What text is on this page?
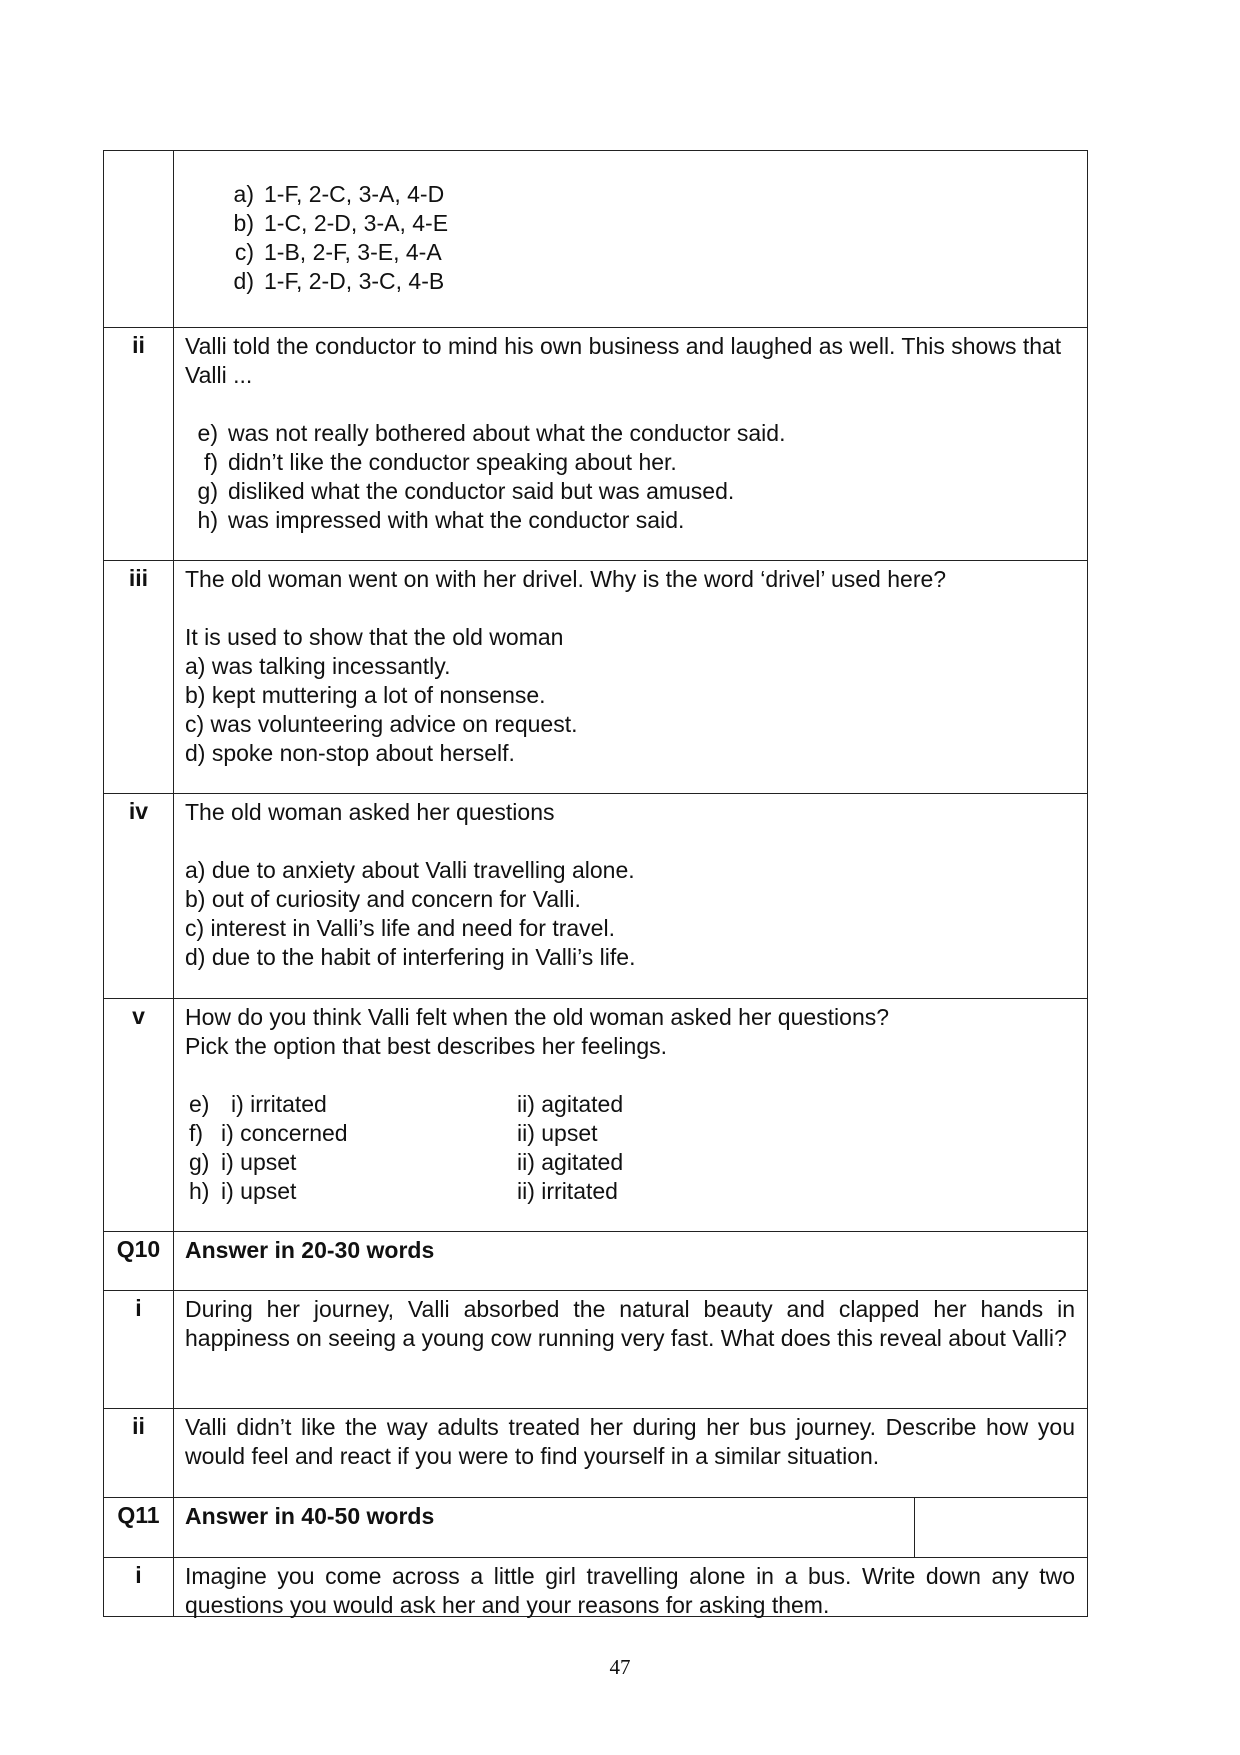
a) 1-F, 2-C, 3-A, 4-D
b) 1-C, 2-D, 3-A, 4-E
c) 1-B, 2-F, 3-E, 4-A
d) 1-F, 2-D, 3-C, 4-B
ii	Valli told the conductor to mind his own business and laughed as well. This shows that Valli ...

e) was not really bothered about what the conductor said.
f) didn’t like the conductor speaking about her.
g) disliked what the conductor said but was amused.
h) was impressed with what the conductor said.
iii	The old woman went on with her drivel. Why is the word ‘drivel’ used here?

It is used to show that the old woman

a) was talking incessantly.

b) kept muttering a lot of nonsense.

c) was volunteering advice on request.

d) spoke non-stop about herself.

iv	The old woman asked her questions

a) due to anxiety about Valli travelling alone.

b) out of curiosity and concern for Valli.

c) interest in Valli’s life and need for travel.

d) due to the habit of interfering in Valli’s life.

v	How do you think Valli felt when the old woman asked her questions?

Pick the option that best describes her feelings.

e) i) irritated	ii) agitated
f) i) concerned	ii) upset
g) i) upset	ii) agitated
h) i) upset	ii) irritated
Q10	Answer in 20-30 words
i	During her journey, Valli absorbed the natural beauty and clapped her hands in happiness on seeing a young cow running very fast. What does this reveal about Valli?
ii	Valli didn’t like the way adults treated her during her bus journey. Describe how you would feel and react if you were to find yourself in a similar situation.
Q11	Answer in 40-50 words
i	Imagine you come across a little girl travelling alone in a bus. Write down any two questions you would ask her and your reasons for asking them.
47
